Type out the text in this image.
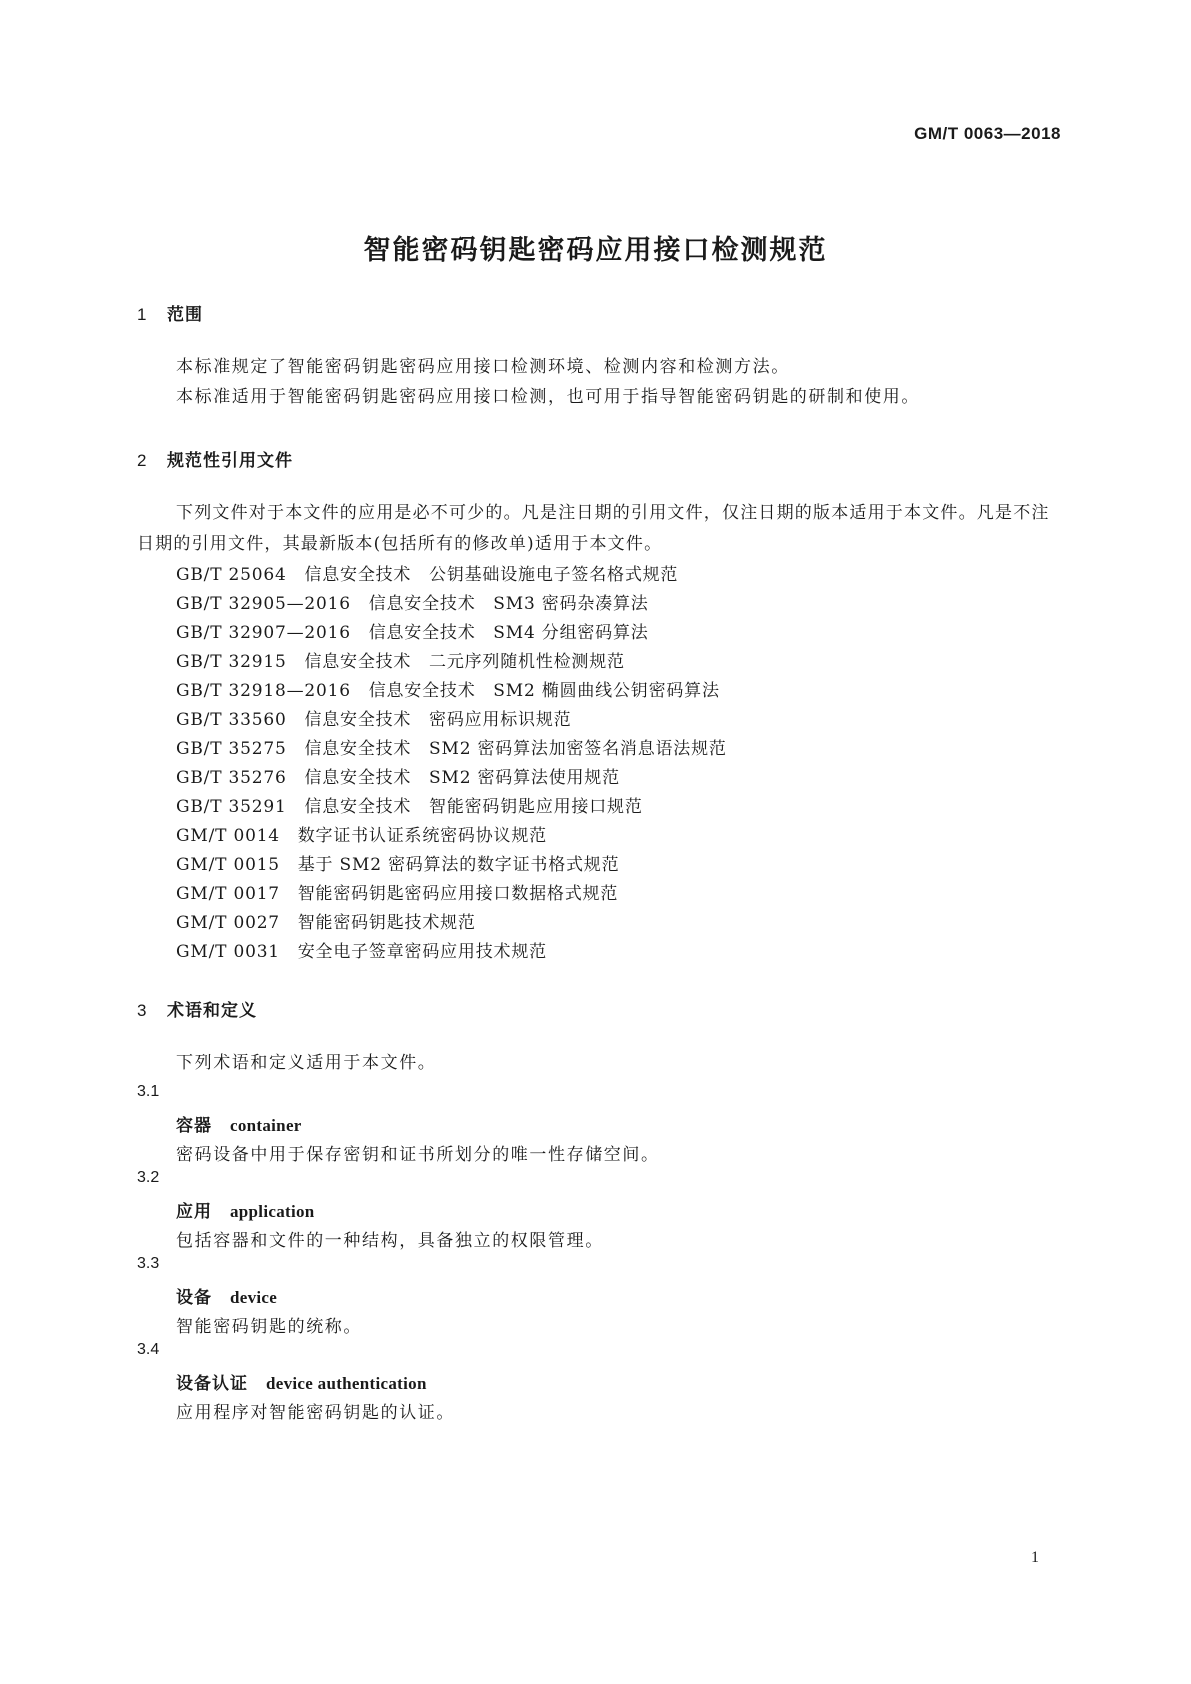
GM/T 0063—2018
智能密码钥匙密码应用接口检测规范
1 范围
本标准规定了智能密码钥匙密码应用接口检测环境、检测内容和检测方法。
本标准适用于智能密码钥匙密码应用接口检测，也可用于指导智能密码钥匙的研制和使用。
2 规范性引用文件
下列文件对于本文件的应用是必不可少的。凡是注日期的引用文件，仅注日期的版本适用于本文件。凡是不注日期的引用文件，其最新版本(包括所有的修改单)适用于本文件。
GB/T 25064　 信息安全技术　公钥基础设施电子签名格式规范
GB/T 32905—2016　 信息安全技术　SM3 密码杂凑算法
GB/T 32907—2016　 信息安全技术　SM4 分组密码算法
GB/T 32915　 信息安全技术　二元序列随机性检测规范
GB/T 32918—2016　 信息安全技术　SM2 椭圆曲线公钥密码算法
GB/T 33560　 信息安全技术　密码应用标识规范
GB/T 35275　 信息安全技术　SM2 密码算法加密签名消息语法规范
GB/T 35276　 信息安全技术　SM2 密码算法使用规范
GB/T 35291　 信息安全技术　智能密码钥匙应用接口规范
GM/T 0014　 数字证书认证系统密码协议规范
GM/T 0015　 基于 SM2 密码算法的数字证书格式规范
GM/T 0017　 智能密码钥匙密码应用接口数据格式规范
GM/T 0027　 智能密码钥匙技术规范
GM/T 0031　 安全电子签章密码应用技术规范
3 术语和定义
下列术语和定义适用于本文件。
3.1
容器 container
密码设备中用于保存密钥和证书所划分的唯一性存储空间。
3.2
应用 application
包括容器和文件的一种结构，具备独立的权限管理。
3.3
设备 device
智能密码钥匙的统称。
3.4
设备认证 device authentication
应用程序对智能密码钥匙的认证。
1
